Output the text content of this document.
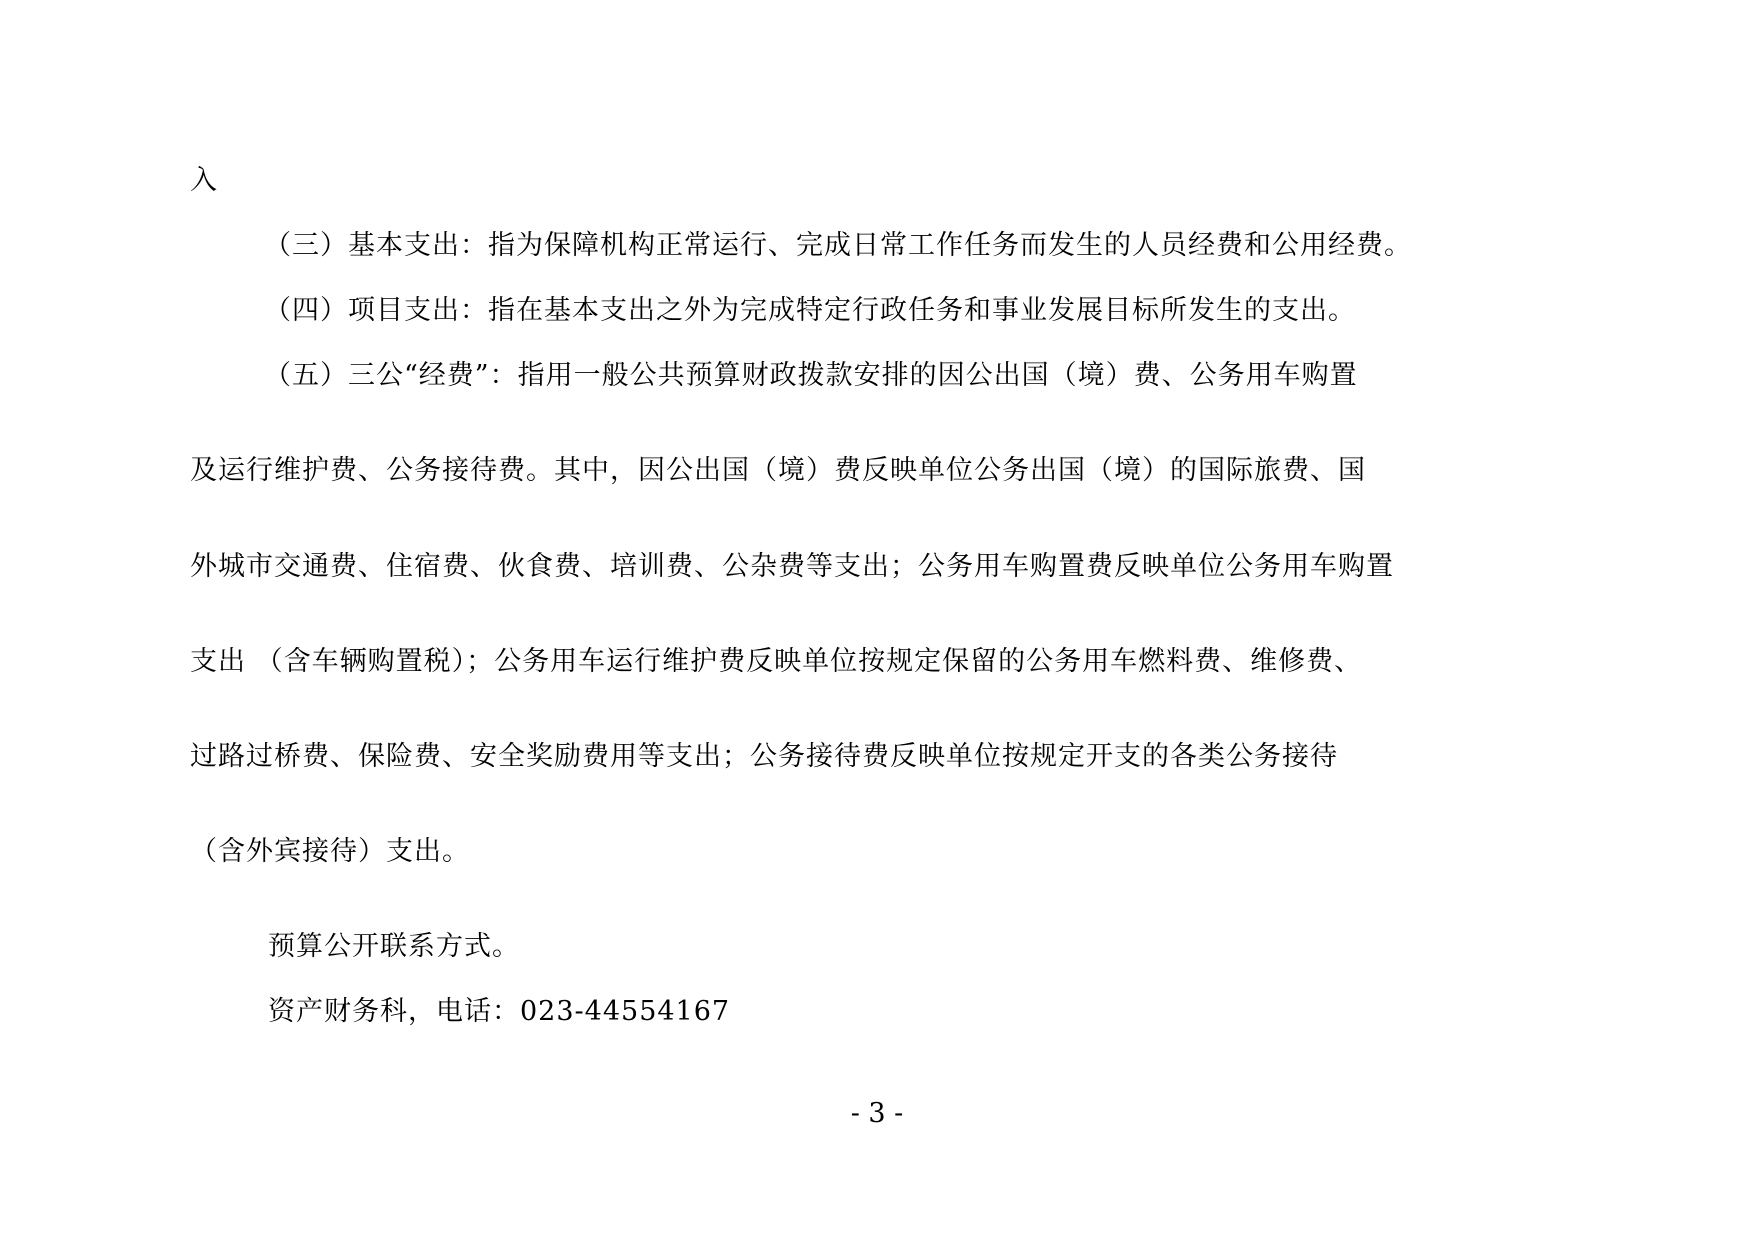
入
（三）基本支出：指为保障机构正常运行、完成日常工作任务而发生的人员经费和公用经费。
（四）项目支出：指在基本支出之外为完成特定行政任务和事业发展目标所发生的支出。
（五）三公“经费”：指用一般公共预算财政拨款安排的因公出国（境）费、公务用车购置
及运行维护费、公务接待费。其中，因公出国（境）费反映单位公务出国（境）的国际旅费、国
外城市交通费、住宿费、伙食费、培训费、公杂费等支出；公务用车购置费反映单位公务用车购置
支出 （含车辆购置税）；公务用车运行维护费反映单位按规定保留的公务用车燃料费、维修费、
过路过桥费、保险费、安全奖励费用等支出；公务接待费反映单位按规定开支的各类公务接待
（含外宾接待）支出。
预算公开联系方式。
资产财务科，电话：023-44554167
- 3 -
